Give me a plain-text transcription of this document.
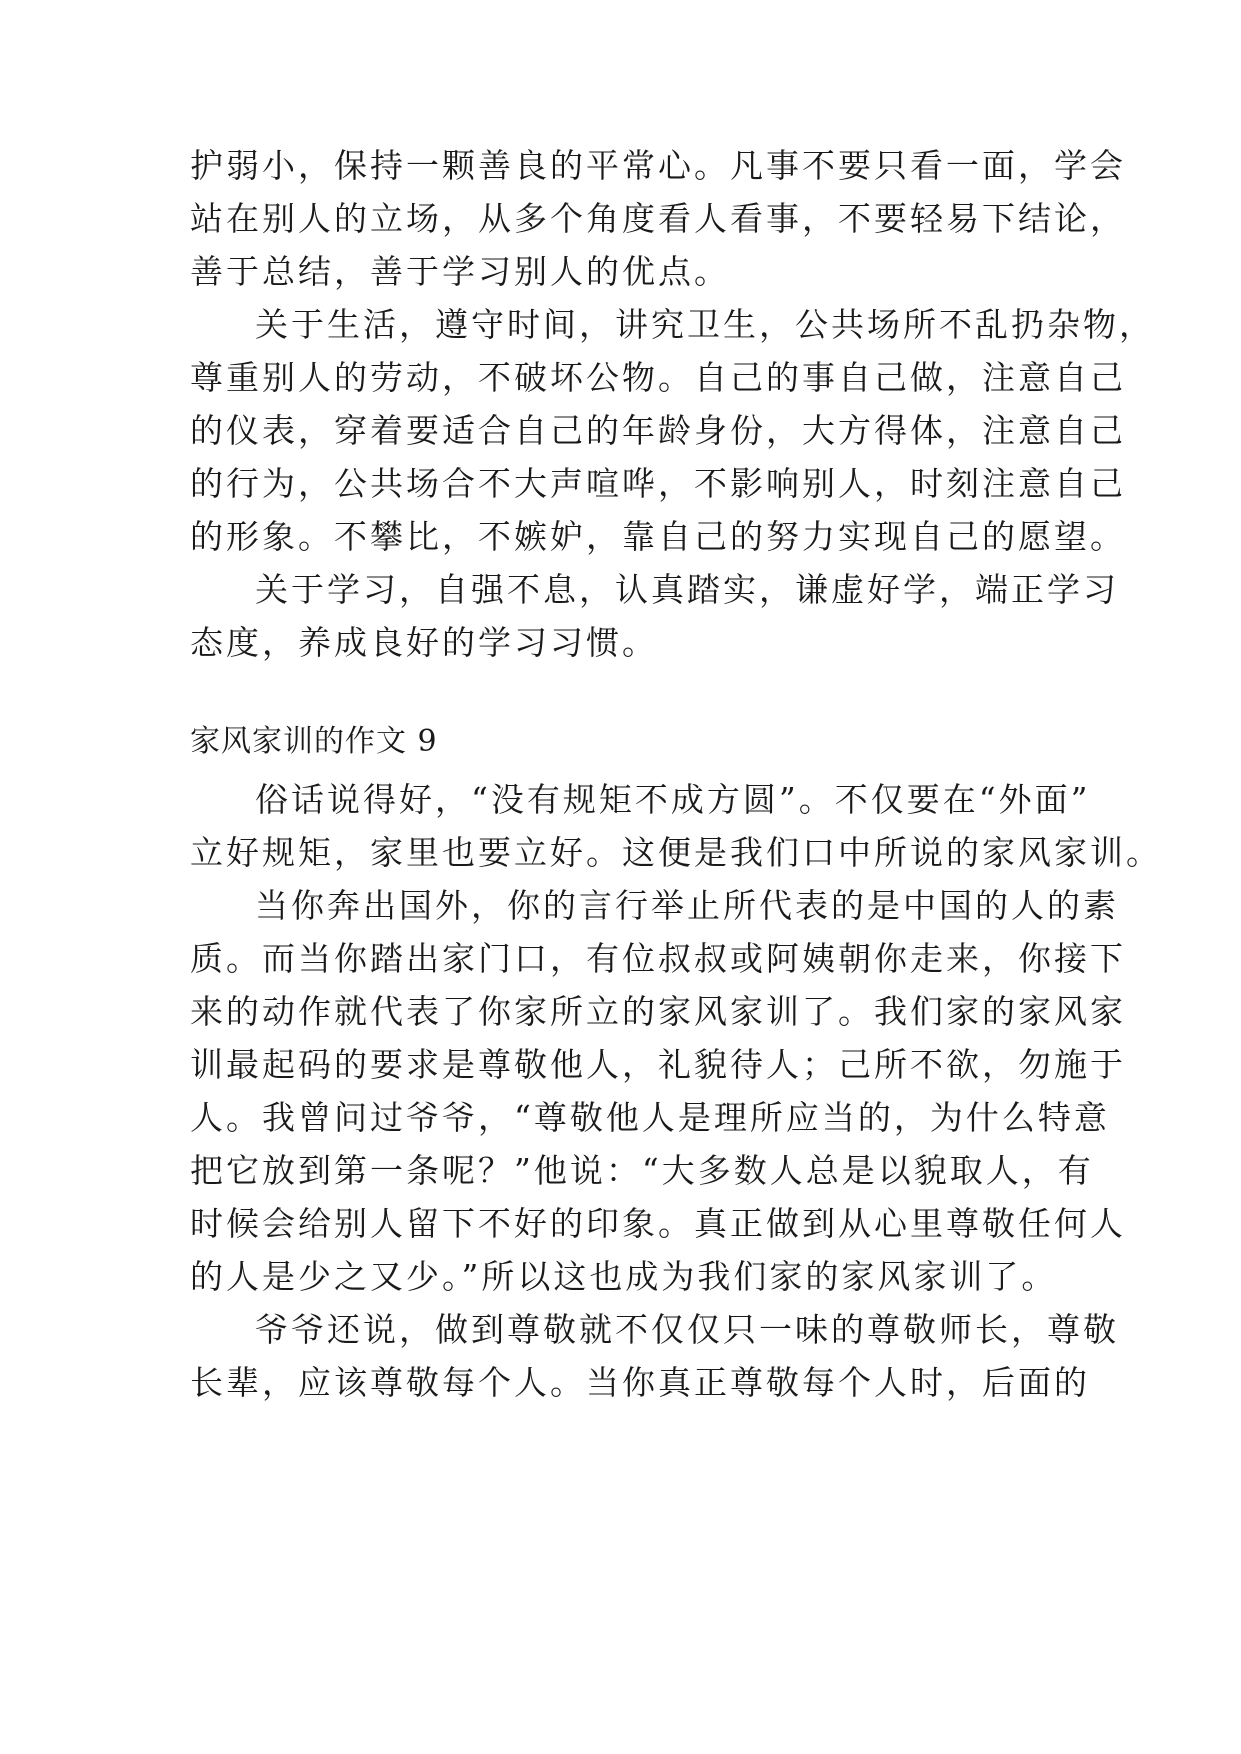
护弱小，保持一颗善良的平常心。凡事不要只看一面，学会
站在别人的立场，从多个角度看人看事，不要轻易下结论，
善于总结，善于学习别人的优点。
关于生活，遵守时间，讲究卫生，公共场所不乱扔杂物，
尊重别人的劳动，不破坏公物。自己的事自己做，注意自己
的仪表，穿着要适合自己的年龄身份，大方得体，注意自己
的行为，公共场合不大声喧哗，不影响别人，时刻注意自己
的形象。不攀比，不嫉妒，靠自己的努力实现自己的愿望。
关于学习，自强不息，认真踏实，谦虚好学，端正学习
态度，养成良好的学习习惯。
家风家训的作文 9
俗话说得好，“没有规矩不成方圆”。不仅要在“外面”
立好规矩，家里也要立好。这便是我们口中所说的家风家训。
当你奔出国外，你的言行举止所代表的是中国的人的素
质。而当你踏出家门口，有位叔叔或阿姨朝你走来，你接下
来的动作就代表了你家所立的家风家训了。我们家的家风家
训最起码的要求是尊敬他人，礼貌待人；己所不欲，勿施于
人。我曾问过爷爷，“尊敬他人是理所应当的，为什么特意
把它放到第一条呢？”他说：“大多数人总是以貌取人，有
时候会给别人留下不好的印象。真正做到从心里尊敬任何人
的人是少之又少。”所以这也成为我们家的家风家训了。
爷爷还说，做到尊敬就不仅仅只一味的尊敬师长，尊敬
长辈，应该尊敬每个人。当你真正尊敬每个人时，后面的
